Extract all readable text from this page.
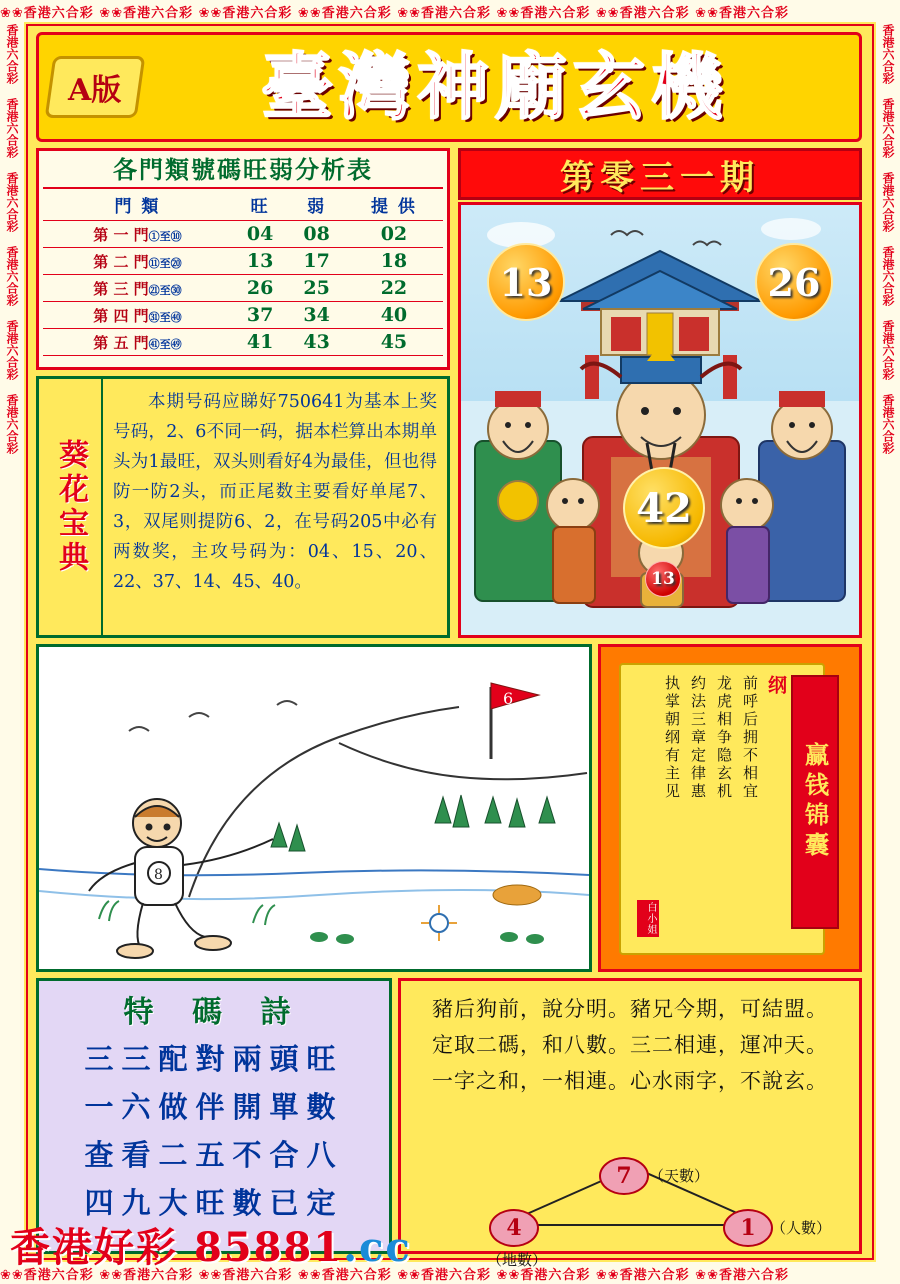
❀❀香港六合彩 ❀❀香港六合彩 ❀❀香港六合彩 ❀❀香港六合彩 ❀❀香港六合彩 ❀❀香港六合彩 ❀❀香港六合彩 ❀❀香港六合彩
❀❀香港六合彩 ❀❀香港六合彩 ❀❀香港六合彩 ❀❀香港六合彩 ❀❀香港六合彩 ❀❀香港六合彩 ❀❀香港六合彩 ❀❀香港六合彩
香港六合彩 香港六合彩 香港六合彩 香港六合彩 香港六合彩 香港六合彩	香港六合彩 香港六合彩 香港六合彩 香港六合彩 香港六合彩 香港六合彩
A版	臺灣神廟玄機
各門類號碼旺弱分析表
門 類	旺	弱	提 供
第 一 門①至⑩	04	08	02
第 二 門⑪至⑳	13	17	18
第 三 門㉑至㉚	26	25	22
第 四 門㉛至㊵	37	34	40
第 五 門㊶至㊾	41	43	45
第零三一期
13	26
42
13
葵花宝典
本期号码应睇好750641为基本上奖号码，2、6不同一码，据本栏算出本期单头为1最旺，双头则看好4为最佳，但也得防一防2头，而正尾数主要看好单尾7、3，双尾则提防6、2，在号码205中必有两数奖，主攻号码为：04、15、20、22、37、14、45、40。
6
8
纲
前呼后拥不相宜
龙虎相争隐玄机
约法三章定律惠
执掌朝纲有主见
白小姐
赢钱锦囊
特 碼 詩
三三配對兩頭旺
一六做伴開單數
查看二五不合八
四九大旺數已定
豬后狗前，說分明。豬兄今期，可結盟。
定取二碼，和八數。三二相連，運冲天。
一字之和，一相連。心水雨字，不說玄。
7	（天數）
4
（地數）
1	（人數）
香港好彩 85881.cc
